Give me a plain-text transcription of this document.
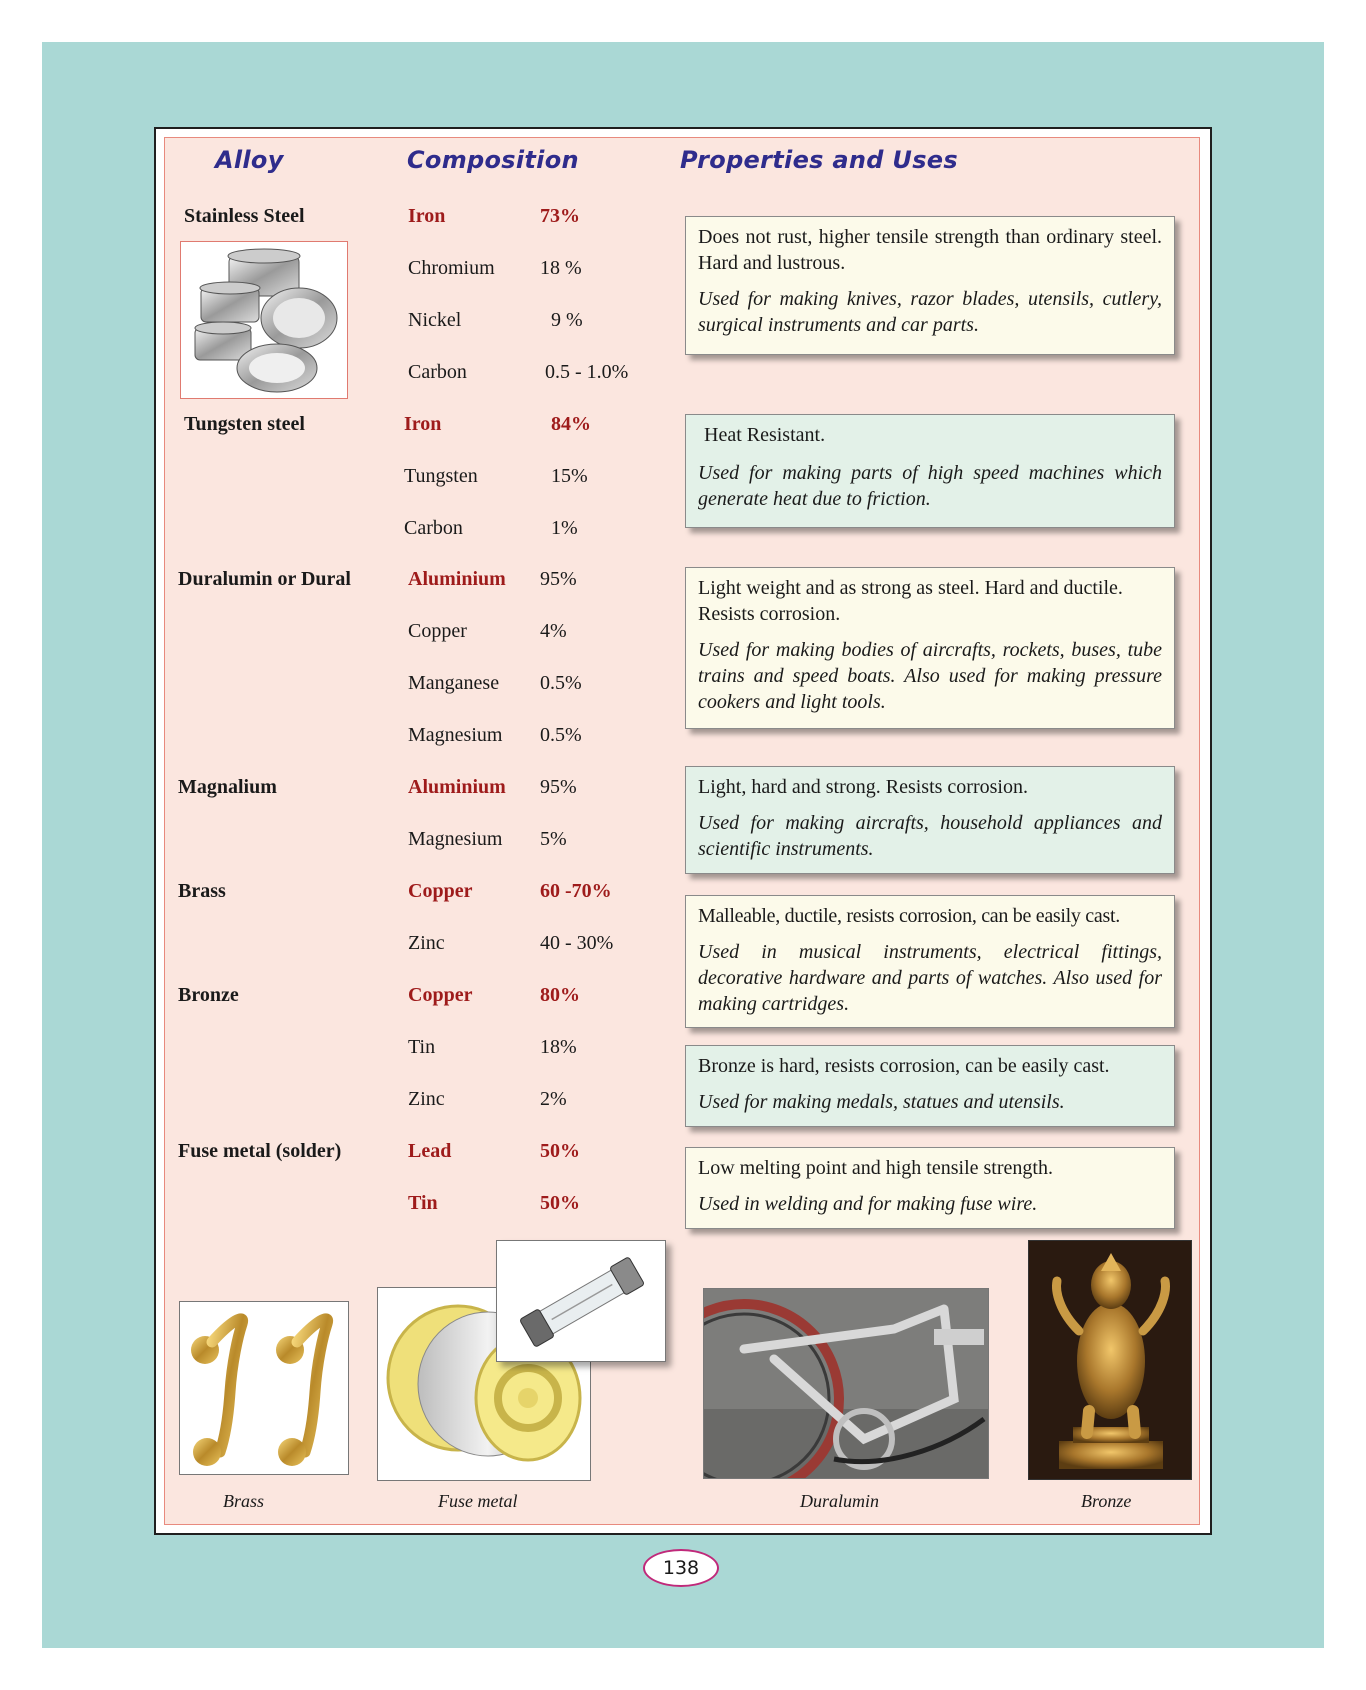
Alloy	Composition	Properties and Uses
Stainless Steel	Iron	73%
Chromium 18 %
Nickel	9 %
Carbon	0.5 - 1.0%
Does not rust, higher tensile strength than ordinary steel. Hard and lustrous.
Used for making knives, razor blades, utensils, cutlery, surgical instruments and car parts.
Tungsten steel	Iron	84%
Tungsten	15%
Carbon	1%
Heat Resistant.
Used for making parts of high speed machines which generate heat due to friction.
Duralumin or Dural	Aluminium 95%
Copper	4%
Manganese 0.5%
Magnesium 0.5%
Light weight and as strong as steel. Hard and ductile. Resists corrosion.
Used for making bodies of aircrafts, rockets, buses, tube trains and speed boats. Also used for making pressure cookers and light tools.
Magnalium	Aluminium 95%
Magnesium 5%
Light, hard and strong. Resists corrosion.
Used for making aircrafts, household appliances and scientific instruments.
Brass	Copper	60 -70%
Zinc	40 - 30%
Malleable, ductile, resists corrosion, can be easily cast.
Used in musical instruments, electrical fittings, decorative hardware and parts of watches. Also used for making cartridges.
Bronze	Copper	80%
Tin	18%
Zinc	2%
Bronze is hard, resists corrosion, can be easily cast.
Used for making medals, statues and utensils.
Fuse metal (solder)	Lead	50%
Tin	50%
Low melting point and high tensile strength.
Used in welding and for making fuse wire.
Brass	Fuse metal	Duralumin	Bronze
138
